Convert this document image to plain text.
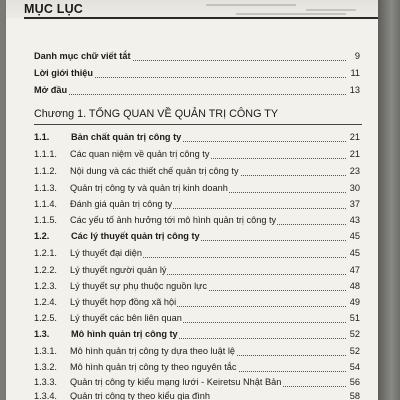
MỤC LỤC
Danh mục chữ viết tắt	9
Lời giới thiệu	11
Mở đầu	13
Chương 1. TỔNG QUAN VỀ QUẢN TRỊ CÔNG TY
1.1. Bản chất quản trị công ty	21
1.1.1. Các quan niệm về quản trị công ty	21
1.1.2. Nội dung và các thiết chế quản trị công ty	23
1.1.3. Quản trị công ty và quản trị kinh doanh	30
1.1.4. Đánh giá quản trị công ty	37
1.1.5. Các yếu tố ảnh hưởng tới mô hình quản trị công ty	43
1.2. Các lý thuyết quản trị công ty	45
1.2.1. Lý thuyết đại diện	45
1.2.2. Lý thuyết người quản lý	47
1.2.3. Lý thuyết sự phụ thuộc nguồn lực	48
1.2.4. Lý thuyết hợp đồng xã hội	49
1.2.5. Lý thuyết các bên liên quan	51
1.3. Mô hình quản trị công ty	52
1.3.1. Mô hình quản trị công ty dựa theo luật lệ	52
1.3.2. Mô hình quản trị công ty theo nguyên tắc	54
1.3.3. Quản trị công ty kiểu mạng lưới - Keiretsu Nhật Bản	56
1.3.4. Quản trị công ty theo kiểu gia đình	58
